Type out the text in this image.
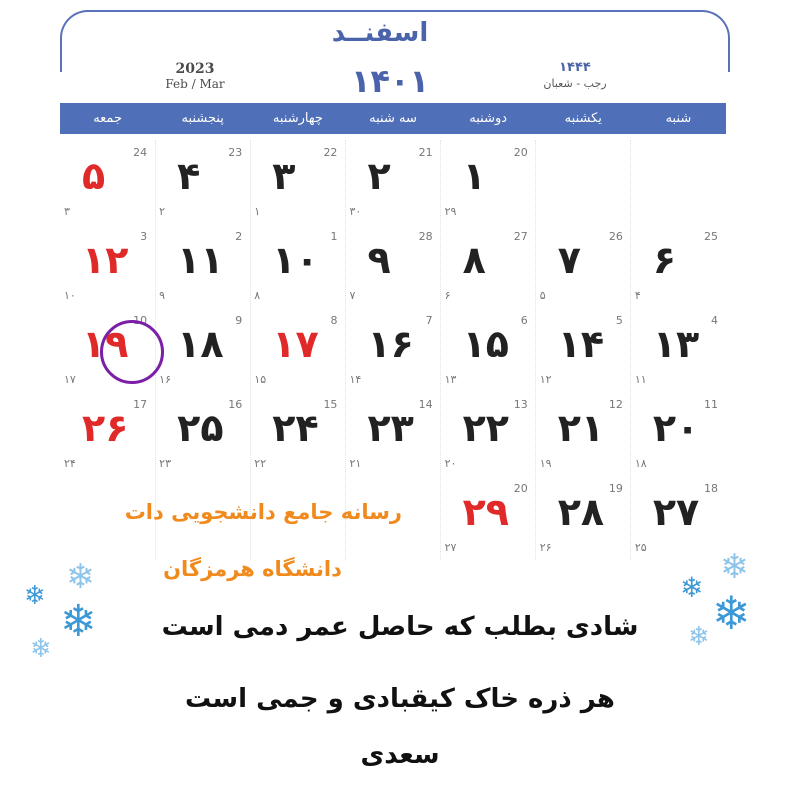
اسفنــد
2023
Feb / Mar	۱۴۰۱	۱۴۴۴
رجب - شعبان
شنبه
یکشنبه
دوشنبه
سه شنبه
چهارشنبه
پنجشنبه
جمعه
20
۱
۲۹
21
۲
۳۰
22
۳
۱
23
۴
۲
24
۵
۳
25
۶
۴
26
۷
۵
27
۸
۶
28
۹
۷
1
۱۰
۸
2
۱۱
۹
3
۱۲
۱۰
4
۱۳
۱۱
5
۱۴
۱۲
6
۱۵
۱۳
7
۱۶
۱۴
8
۱۷
۱۵
9
۱۸
۱۶
10
۱۹
۱۷
11
۲۰
۱۸
12
۲۱
۱۹
13
۲۲
۲۰
14
۲۳
۲۱
15
۲۴
۲۲
16
۲۵
۲۳
17
۲۶
۲۴
18
۲۷
۲۵
19
۲۸
۲۶
20
۲۹
۲۷
رسانه جامع دانشجویی دات
دانشگاه هرمزگان
شادی بطلب که حاصل عمر دمی است
هر ذره خاک کیقبادی و جمی است
سعدی
❄
❄ ❄
❄
❄
❄ ❄
❄
